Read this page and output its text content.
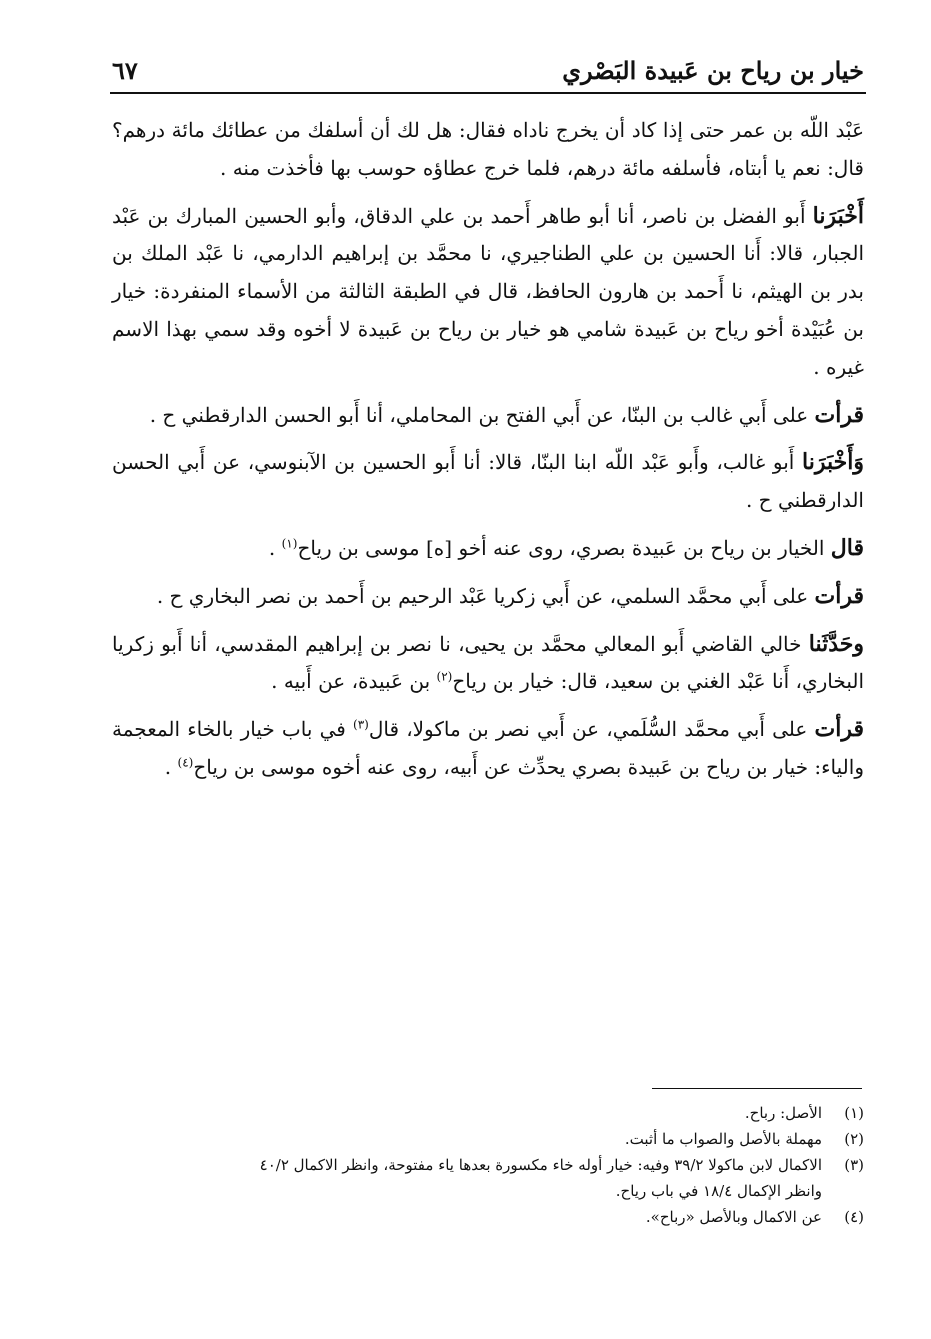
خيار بن رياح بن عَبيدة البَصْري
٦٧

عَبْد اللّه بن عمر حتى إذا كاد أن يخرج ناداه فقال: هل لك أن أسلفك من عطائك مائة درهم؟ قال: نعم يا أبتاه، فأسلفه مائة درهم، فلما خرج عطاؤه حوسب بها فأخذت منه .

أَخْبَرَنا أَبو الفضل بن ناصر، أنا أبو طاهر أَحمد بن علي الدقاق، وأبو الحسين المبارك بن عَبْد الجبار، قالا: أَنا الحسين بن علي الطناجيري، نا محمَّد بن إبراهيم الدارمي، نا عَبْد الملك بن بدر بن الهيثم، نا أَحمد بن هارون الحافظ، قال في الطبقة الثالثة من الأسماء المنفردة: خيار بن عُبَيْدة أخو رياح بن عَبيدة شامي هو خيار بن رياح بن عَبيدة لا أخوه وقد سمي بهذا الاسم غيره .

قرأت على أَبي غالب بن البنّا، عن أَبي الفتح بن المحاملي، أنا أَبو الحسن الدارقطني ح .

وَأَخْبَرَنا أَبو غالب، وأَبو عَبْد اللّه ابنا البنّا، قالا: أنا أَبو الحسين بن الآبنوسي، عن أَبي الحسن الدارقطني ح .

قال الخيار بن رياح بن عَبيدة بصري، روى عنه أخو [ه] موسى بن رياح$^{(١)}$ .

قرأت على أَبي محمَّد السلمي، عن أَبي زكريا عَبْد الرحيم بن أَحمد بن نصر البخاري ح .

وحَدَّثَنا خالي القاضي أَبو المعالي محمَّد بن يحيى، نا نصر بن إبراهيم المقدسي، أنا أَبو زكريا البخاري، أَنا عَبْد الغني بن سعيد، قال: خيار بن رياح$^{(٢)}$ بن عَبيدة، عن أَبيه .

قرأت على أَبي محمَّد السُّلَمي، عن أَبي نصر بن ماكولا، قال$^{(٣)}$ في باب خيار بالخاء المعجمة والياء: خيار بن رياح بن عَبيدة بصري يحدِّث عن أَبيه، روى عنه أخوه موسى بن رياح$^{(٤)}$ .

(١)
الأصل: رباح.
(٢)
مهملة بالأصل والصواب ما أثبت.
(٣)
الاكمال لابن ماكولا ٣٩/٢ وفيه: خيار أوله خاء مكسورة بعدها ياء مفتوحة، وانظر الاكمال ٤٠/٢
وانظر الإكمال ١٨/٤ في باب رياح.
(٤)
عن الاكمال وبالأصل «رباح».
